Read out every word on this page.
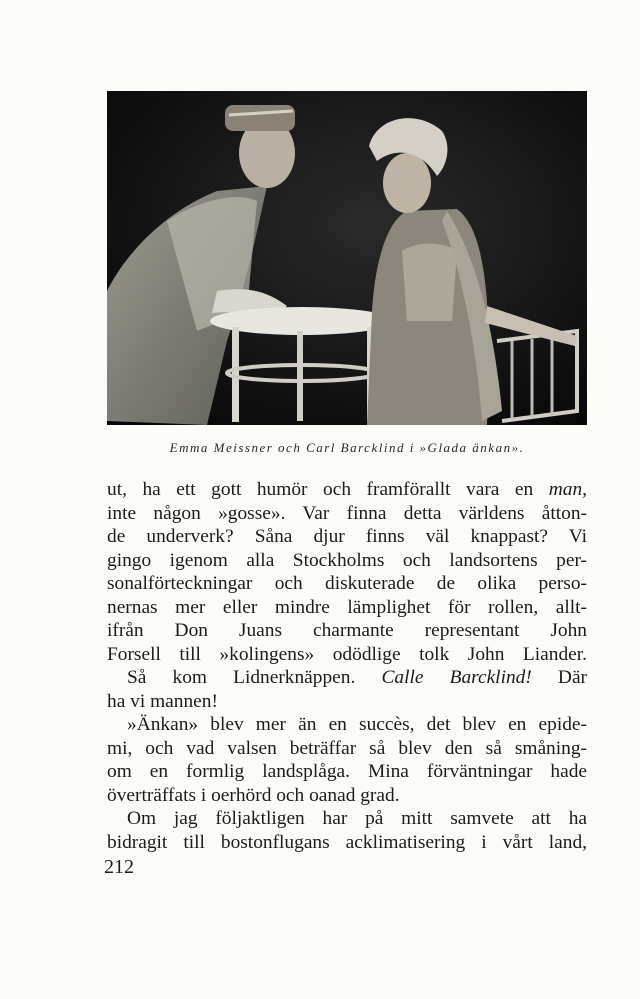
Emma Meissner och Carl Barcklind i »Glada änkan».
ut, ha ett gott humör och framförallt vara en man,
inte någon »gosse». Var finna detta världens åtton-
de underverk? Såna djur finns väl knappast? Vi
gingo igenom alla Stockholms och landsortens per-
sonalförteckningar och diskuterade de olika perso-
nernas mer eller mindre lämplighet för rollen, allt-
ifrån Don Juans charmante representant John
Forsell till »kolingens» odödlige tolk John Liander.
Så kom Lidnerknäppen. Calle Barcklind! Där
ha vi mannen!
»Änkan» blev mer än en succès, det blev en epide-
mi, och vad valsen beträffar så blev den så småning-
om en formlig landsplåga. Mina förväntningar hade
överträffats i oerhörd och oanad grad.
Om jag följaktligen har på mitt samvete att ha
bidragit till bostonflugans acklimatisering i vårt land,
212
